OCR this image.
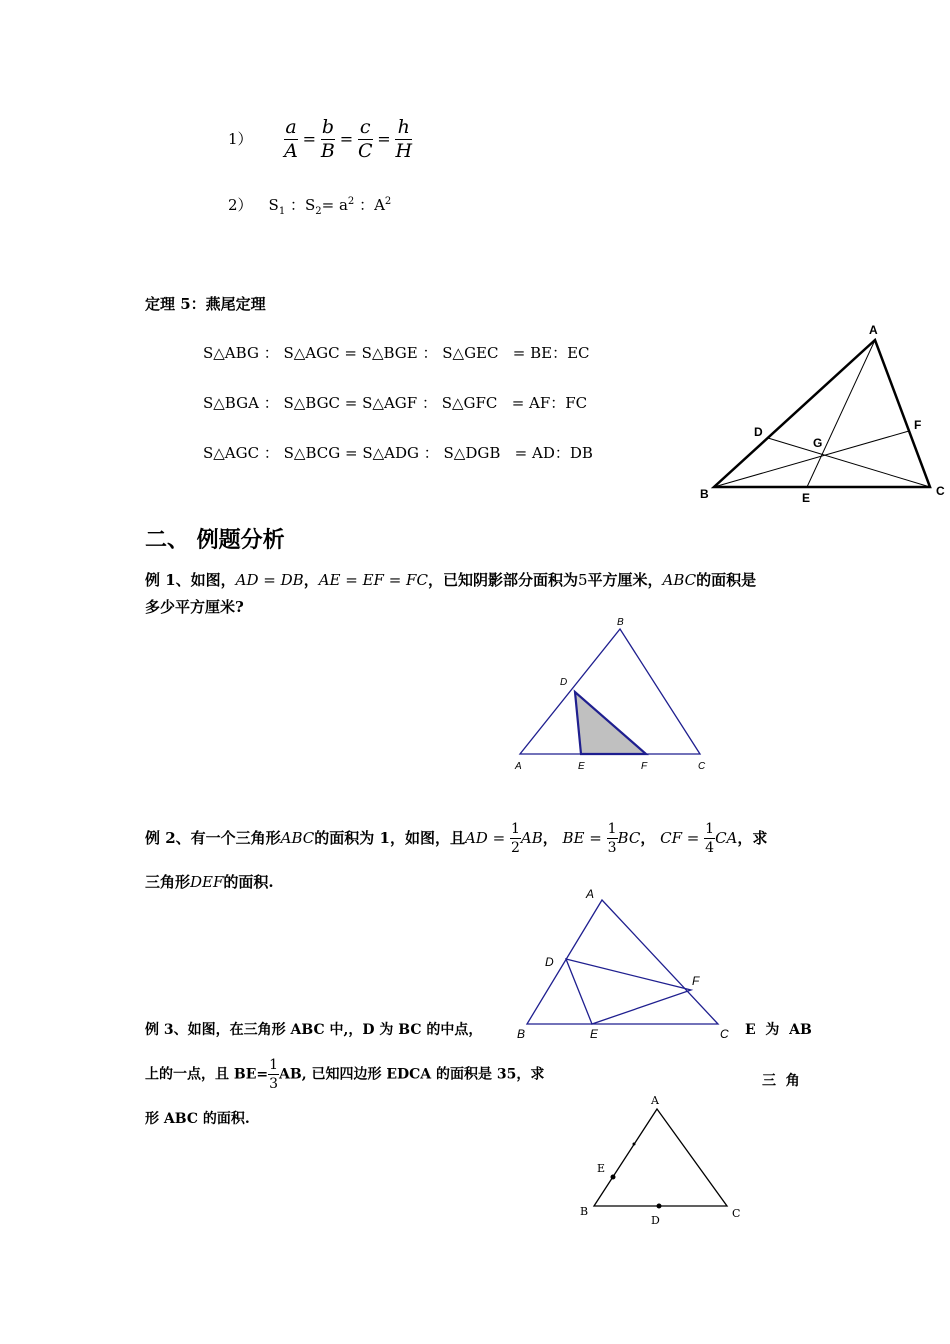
$1) \frac{a}{A} = \frac{b}{B} = \frac{c}{C} = \frac{h}{H}$
2） $S_1$ ：$S_2= a^2$ ：$A^2$
定理 5：燕尾定理
S△ABG ： S△AGC = S△BGE ： S△GEC   = BE：EC
S△BGA ： S△BGC = S△AGF ： S△GFC   = AF：FC
S△AGC ： S△BCG = S△ADG ： S△DGB   = AD：DB
A
B	C
D
E
F
G
二、 例题分析
例 1、如图，AD = DB，AE = EF = FC，已知阴影部分面积为5平方厘米，ABC的面积是
多少平方厘米?
B
D
A	E	F	C
例 2、有一个三角形ABC的面积为 1，如图，且AD = $\frac{1}{2}$ AB， BE = $\frac{1}{3}$ BC， CF = $\frac{1}{4}$ CA，求
三角形DEF的面积.
A
D
F
B	E	C
例 3、如图，在三角形 ABC 中,，D 为 BC 的中点，	E  为  AB
上的一点，且 $BE= \frac{1}{3}$ AB, 已知四边形 EDCA 的面积是 35，求	三  角
形 ABC 的面积.
A
E
B
D
C
